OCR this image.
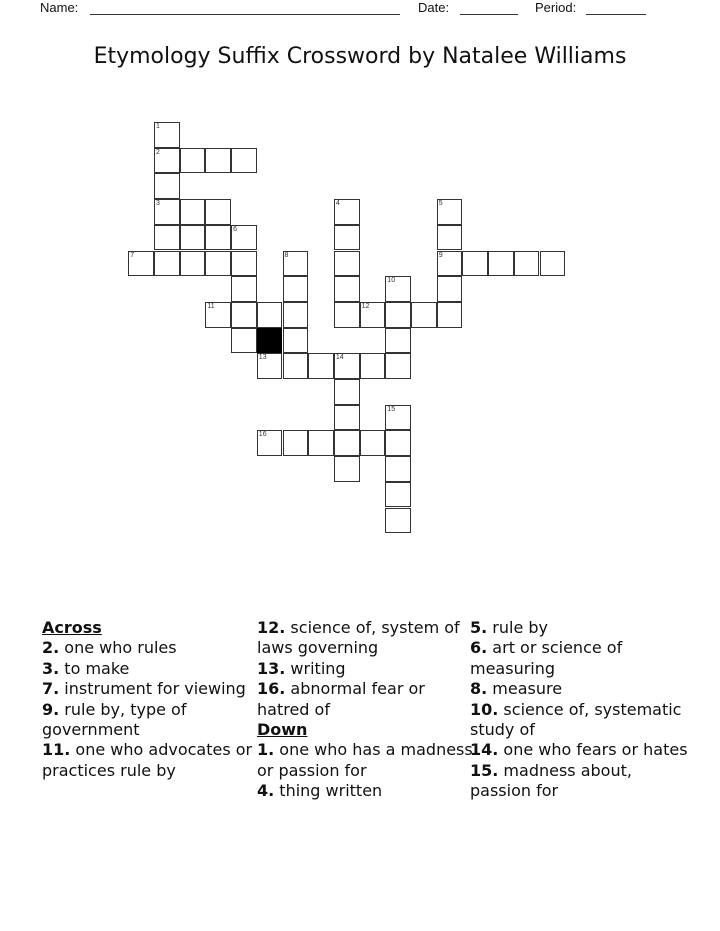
Name:	Date:	Period:
Etymology Suffix Crossword by Natalee Williams
1
2
3
6
7
11
13	14
8
4	5
9
10
12
15
16
Across
2. one who rules
3. to make
7. instrument for viewing
9. rule by, type of government
11. one who advocates or practices rule by
12. science of, system of laws governing
13. writing
16. abnormal fear or hatred of
Down
1. one who has a madness or passion for
4. thing written
5. rule by
6. art or science of measuring
8. measure
10. science of, systematic study of
14. one who fears or hates
15. madness about, passion for
